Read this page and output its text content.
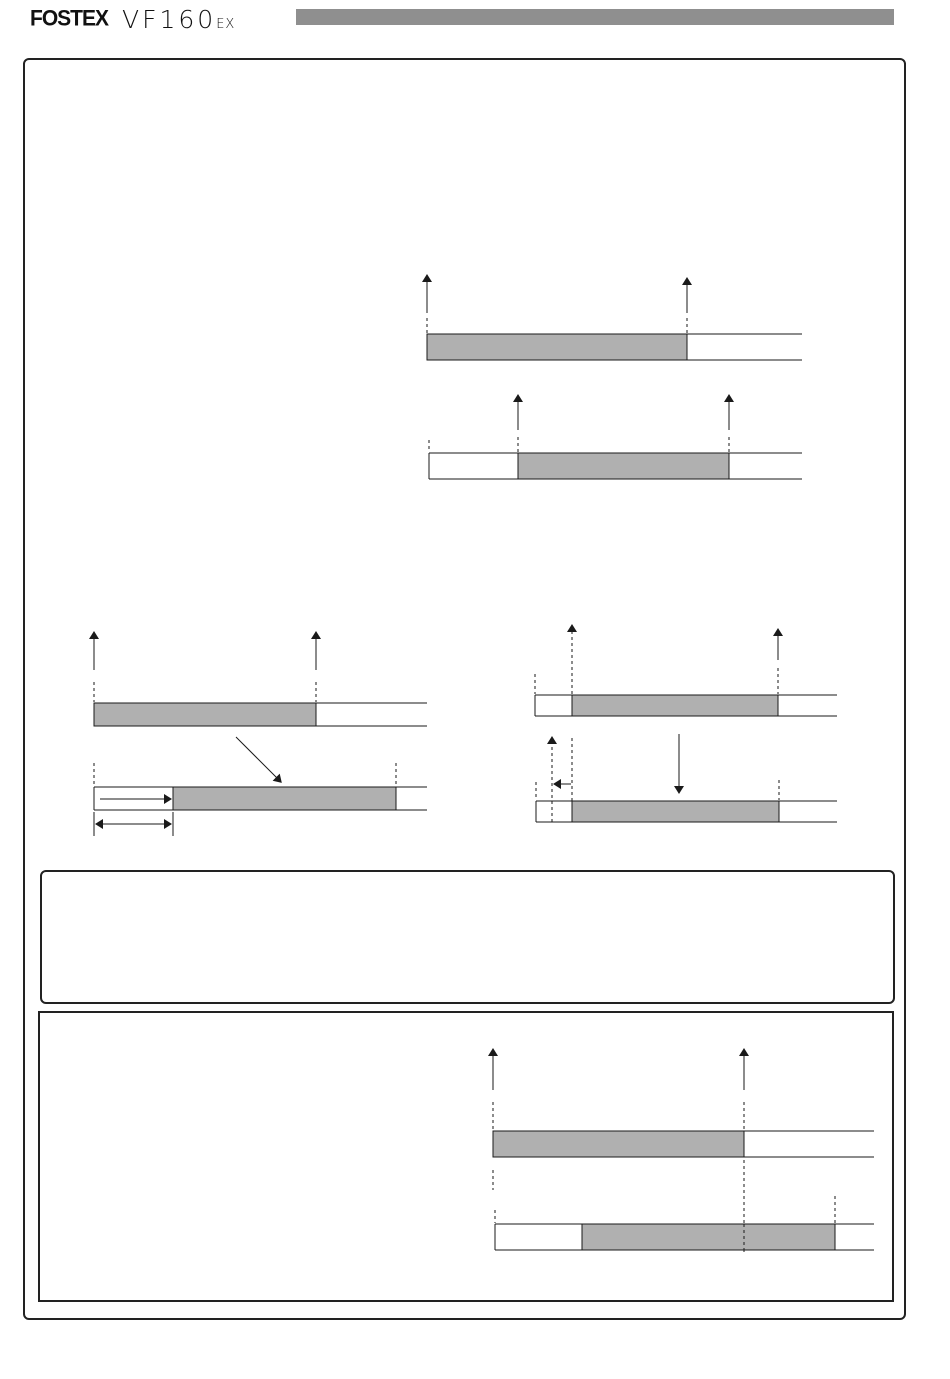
FOSTEX VF160EX
